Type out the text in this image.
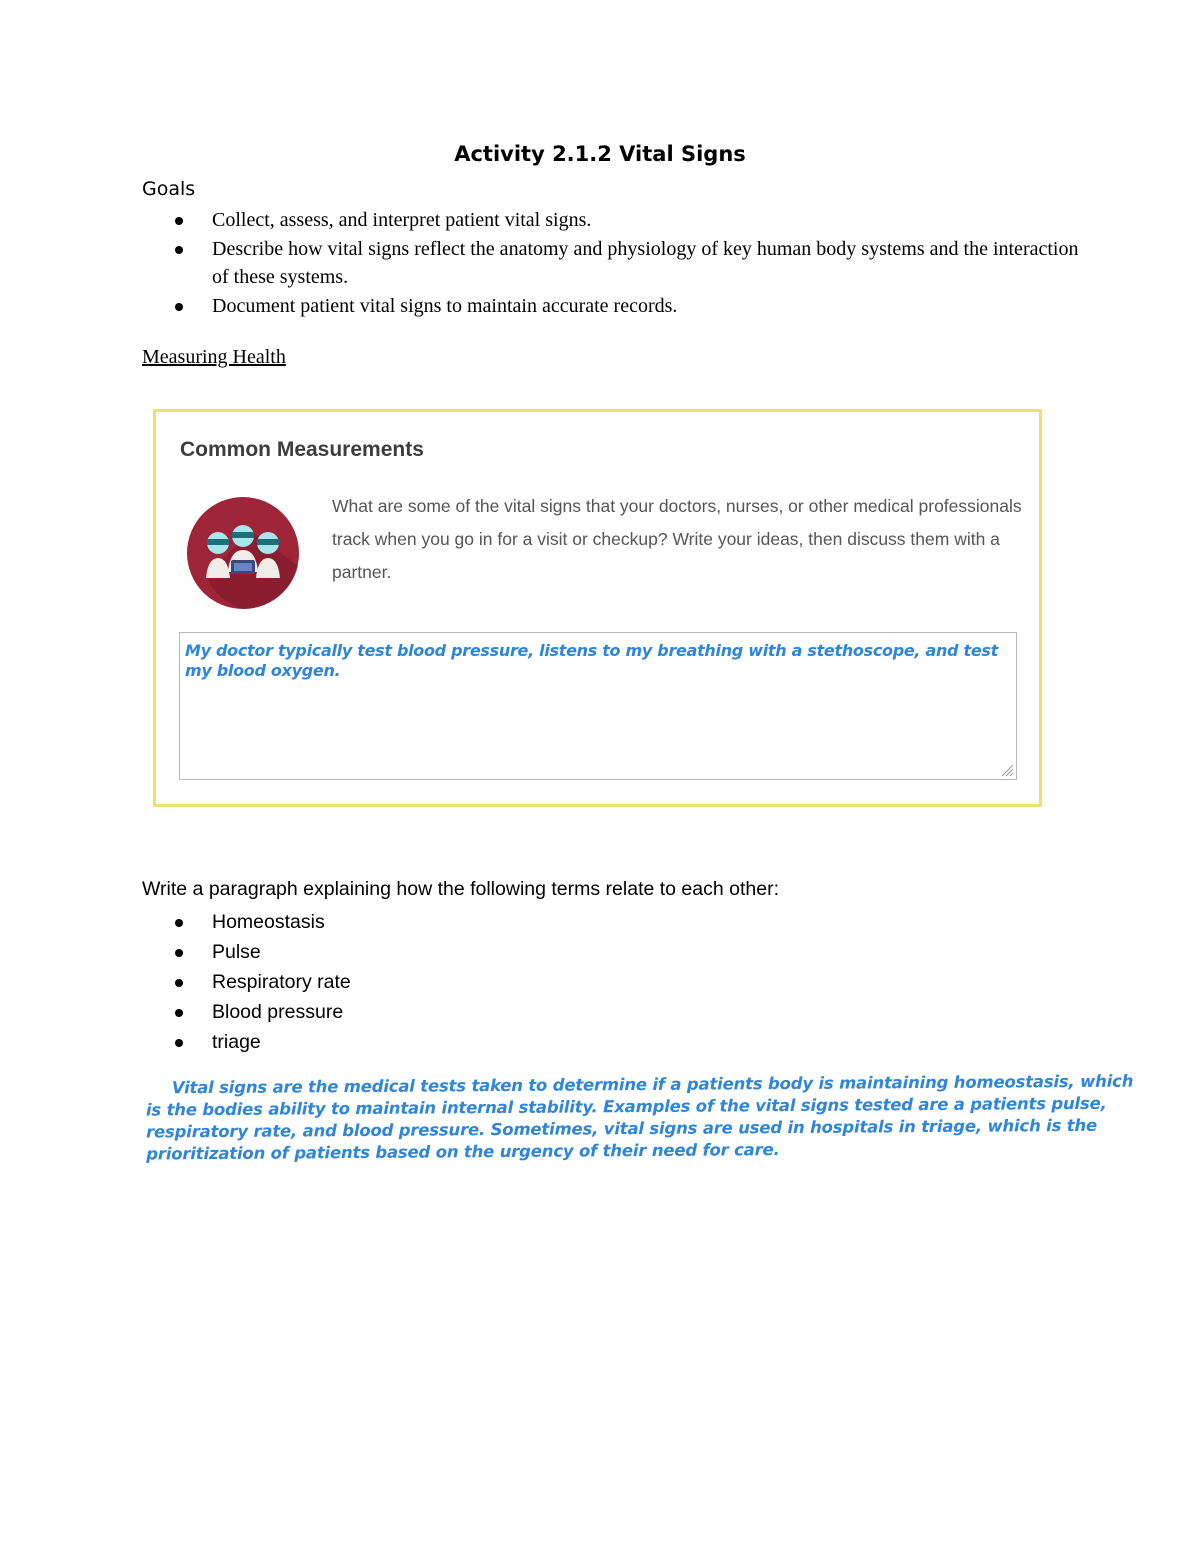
Activity 2.1.2 Vital Signs
Goals
Collect, assess, and interpret patient vital signs.
Describe how vital signs reflect the anatomy and physiology of key human body systems and the interaction of these systems.
Document patient vital signs to maintain accurate records.
Measuring Health
Common Measurements
What are some of the vital signs that your doctors, nurses, or other medical professionals track when you go in for a visit or checkup? Write your ideas, then discuss them with a partner.
My doctor typically test blood pressure, listens to my breathing with a stethoscope, and test my blood oxygen.
Write a paragraph explaining how the following terms relate to each other:
Homeostasis
Pulse
Respiratory rate
Blood pressure
triage
Vital signs are the medical tests taken to determine if a patients body is maintaining homeostasis, which is the bodies ability to maintain internal stability. Examples of the vital signs tested are a patients pulse, respiratory rate, and blood pressure. Sometimes, vital signs are used in hospitals in triage, which is the prioritization of patients based on the urgency of their need for care.
